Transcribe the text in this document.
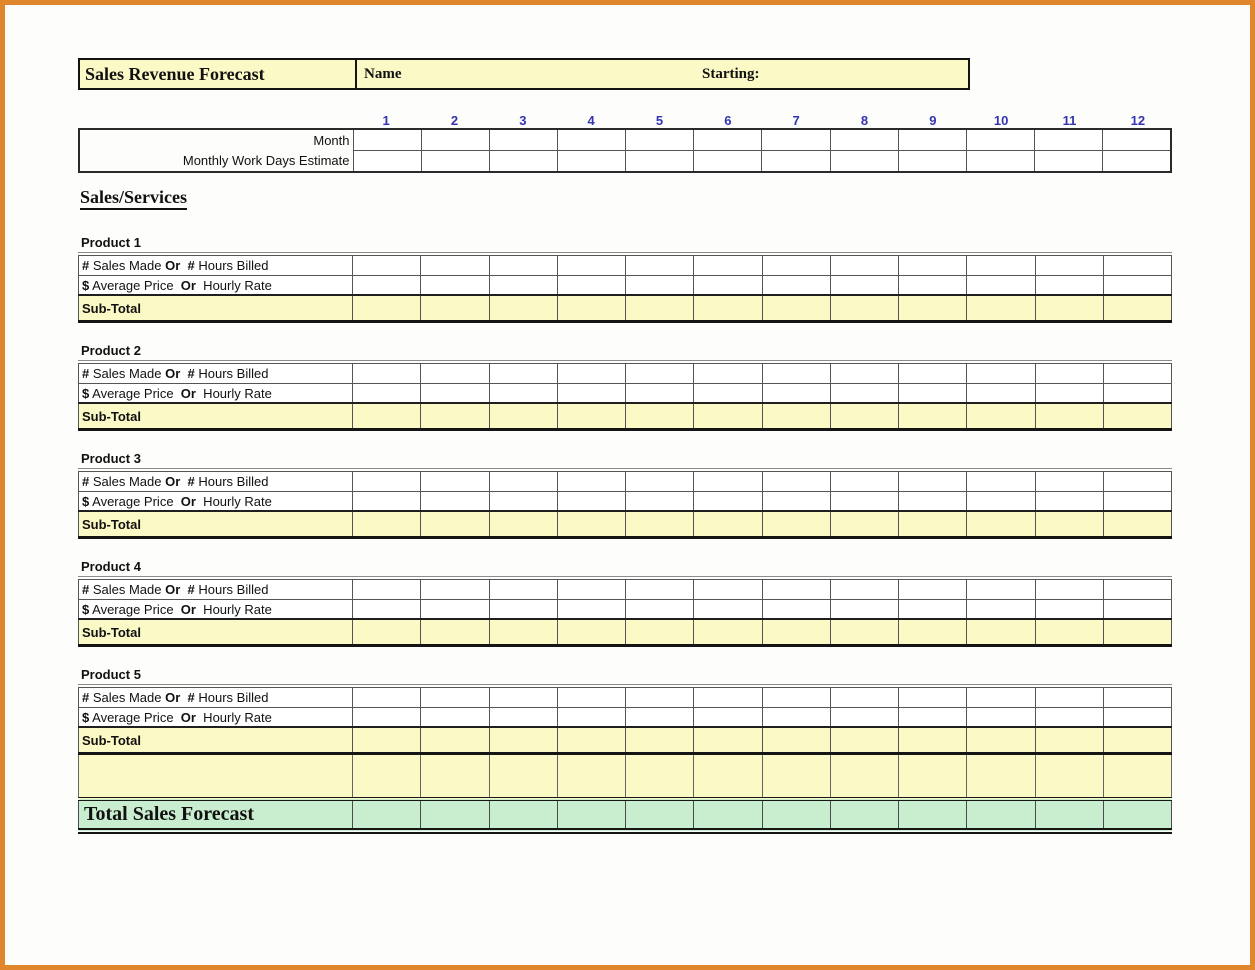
Sales Revenue Forecast	Name	Starting:
1	2	3	4	5	6	7	8	9	10	11	12
Month												
Monthly Work Days Estimate												
Sales/Services
Product 1
# Sales Made Or # Hours Billed												
$ Average Price  Or  Hourly Rate												
Sub-Total												
Product 2
# Sales Made Or # Hours Billed												
$ Average Price  Or  Hourly Rate												
Sub-Total												
Product 3
# Sales Made Or # Hours Billed												
$ Average Price  Or  Hourly Rate												
Sub-Total												
Product 4
# Sales Made Or # Hours Billed												
$ Average Price  Or  Hourly Rate												
Sub-Total												
Product 5
# Sales Made Or # Hours Billed												
$ Average Price  Or  Hourly Rate												
Sub-Total												

Total Sales Forecast												
